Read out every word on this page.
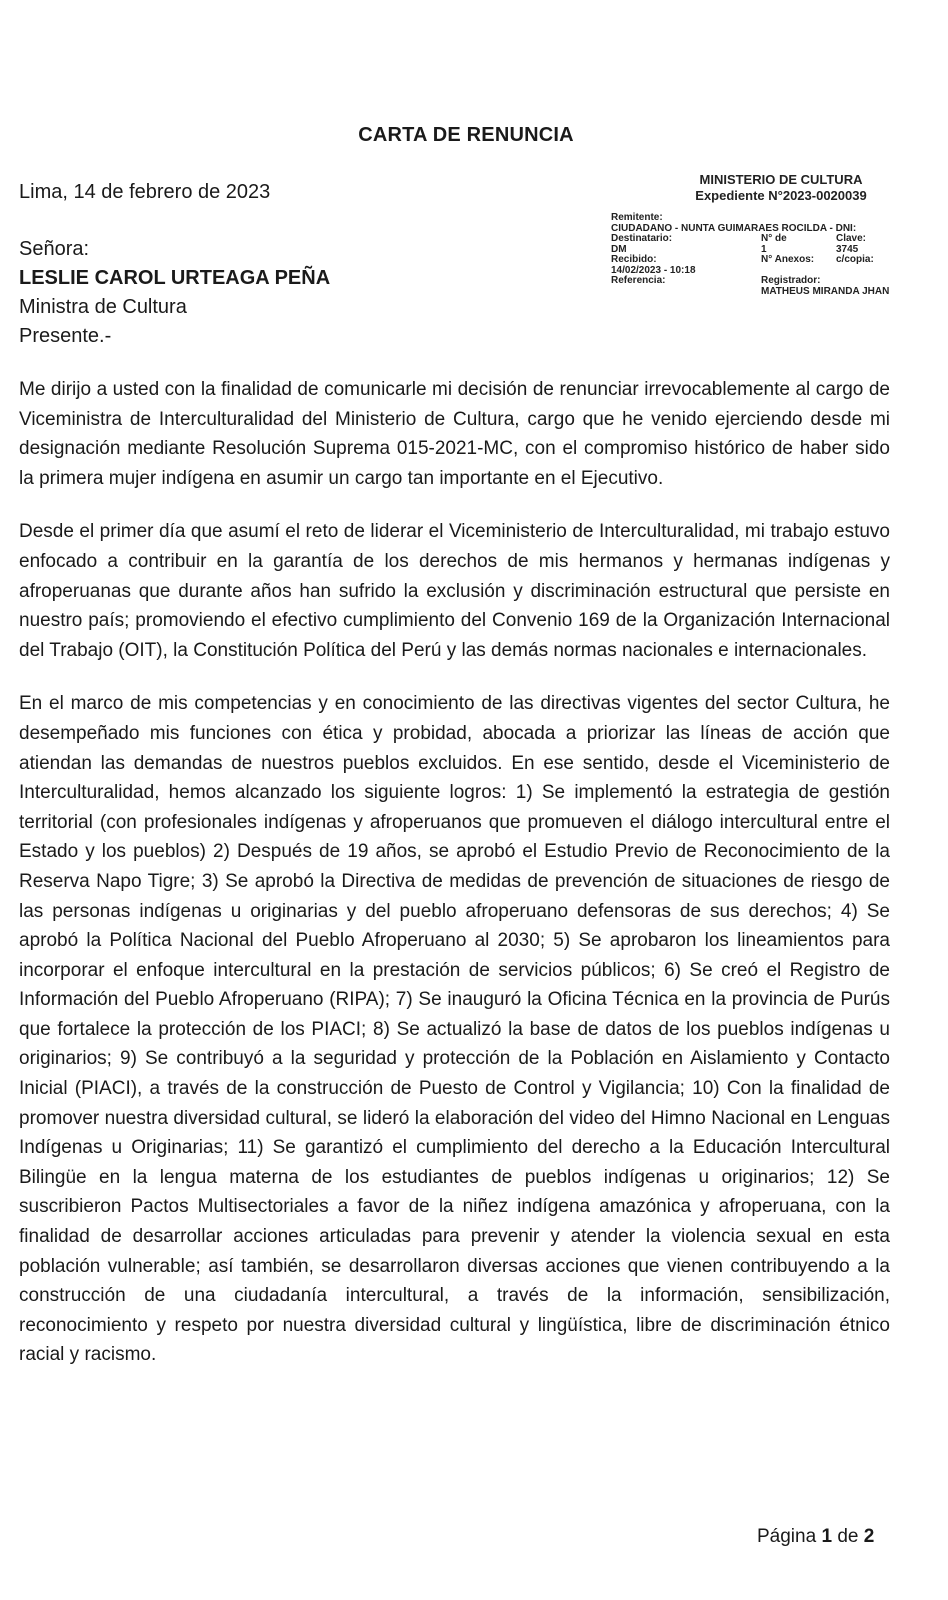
CARTA DE RENUNCIA
Lima, 14 de febrero de 2023
Señora:
LESLIE CAROL URTEAGA PEÑA
Ministra de Cultura
Presente.-
MINISTERIO DE CULTURA
Expediente N°2023-0020039
Remitente:
CIUDADANO - NUNTA GUIMARAES ROCILDA - DNI:
Destinatario:	N° de	Clave:
DM	1	3745
Recibido:	N° Anexos:	c/copia:
14/02/2023 - 10:18
Referencia:	Registrador:
MATHEUS MIRANDA JHAN

Me dirijo a usted con la finalidad de comunicarle mi decisión de renunciar irrevocablemente al cargo de Viceministra de Interculturalidad del Ministerio de Cultura, cargo que he venido ejerciendo desde mi designación mediante Resolución Suprema 015-2021-MC, con el compromiso histórico de haber sido la primera mujer indígena en asumir un cargo tan importante en el Ejecutivo.

Desde el primer día que asumí el reto de liderar el Viceministerio de Interculturalidad, mi trabajo estuvo enfocado a contribuir en la garantía de los derechos de mis hermanos y hermanas indígenas y afroperuanas que durante años han sufrido la exclusión y discriminación estructural que persiste en nuestro país; promoviendo el efectivo cumplimiento del Convenio 169 de la Organización Internacional del Trabajo (OIT), la Constitución Política del Perú y las demás normas nacionales e internacionales.

En el marco de mis competencias y en conocimiento de las directivas vigentes del sector Cultura, he desempeñado mis funciones con ética y probidad, abocada a priorizar las líneas de acción que atiendan las demandas de nuestros pueblos excluidos. En ese sentido, desde el Viceministerio de Interculturalidad, hemos alcanzado los siguiente logros: 1) Se implementó la estrategia de gestión territorial (con profesionales indígenas y afroperuanos que promueven el diálogo intercultural entre el Estado y los pueblos) 2) Después de 19 años, se aprobó el Estudio Previo de Reconocimiento de la Reserva Napo Tigre; 3) Se aprobó la Directiva de medidas de prevención de situaciones de riesgo de las personas indígenas u originarias y del pueblo afroperuano defensoras de sus derechos; 4) Se aprobó la Política Nacional del Pueblo Afroperuano al 2030; 5) Se aprobaron los lineamientos para incorporar el enfoque intercultural en la prestación de servicios públicos; 6) Se creó el Registro de Información del Pueblo Afroperuano (RIPA); 7) Se inauguró la Oficina Técnica en la provincia de Purús que fortalece la protección de los PIACI; 8) Se actualizó la base de datos de los pueblos indígenas u originarios; 9) Se contribuyó a la seguridad y protección de la Población en Aislamiento y Contacto Inicial (PIACI), a través de la construcción de Puesto de Control y Vigilancia; 10) Con la finalidad de promover nuestra diversidad cultural, se lideró la elaboración del video del Himno Nacional en Lenguas Indígenas u Originarias; 11) Se garantizó el cumplimiento del derecho a la Educación Intercultural Bilingüe en la lengua materna de los estudiantes de pueblos indígenas u originarios; 12) Se suscribieron Pactos Multisectoriales a favor de la niñez indígena amazónica y afroperuana, con la finalidad de desarrollar acciones articuladas para prevenir y atender la violencia sexual en esta población vulnerable; así también, se desarrollaron diversas acciones que vienen contribuyendo a la construcción de una ciudadanía intercultural, a través de la información, sensibilización, reconocimiento y respeto por nuestra diversidad cultural y lingüística, libre de discriminación étnico racial y racismo.

Página 1 de 2
